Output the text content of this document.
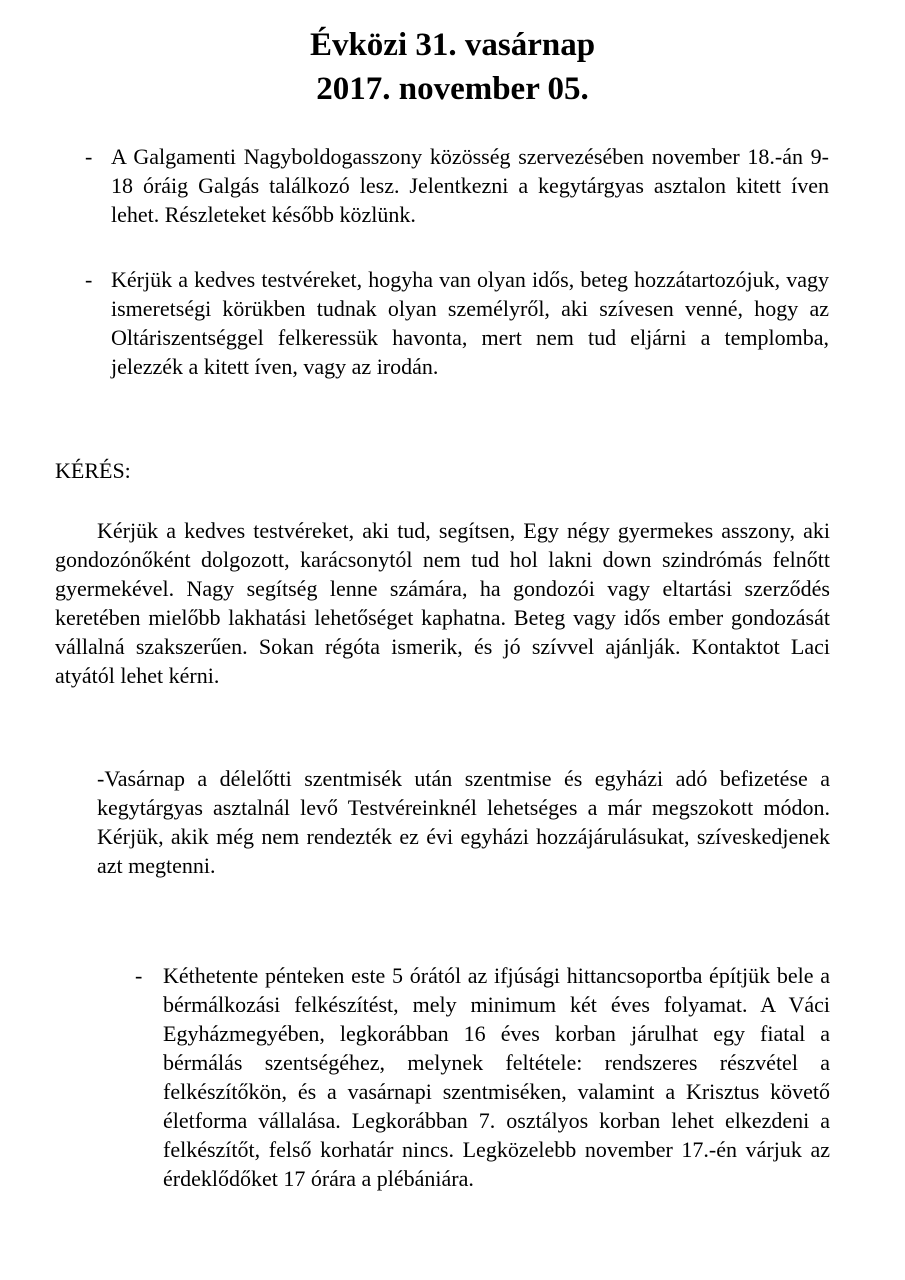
Évközi 31. vasárnap
2017. november 05.
- A Galgamenti Nagyboldogasszony közösség szervezésében november 18.-án 9-18 óráig Galgás találkozó lesz. Jelentkezni a kegytárgyas asztalon kitett íven lehet. Részleteket később közlünk.

- Kérjük a kedves testvéreket, hogyha van olyan idős, beteg hozzátartozójuk, vagy ismeretségi körükben tudnak olyan személyről, aki szívesen venné, hogy az Oltáriszentséggel felkeressük havonta, mert nem tud eljárni a templomba, jelezzék a kitett íven, vagy az irodán.

KÉRÉS:

Kérjük a kedves testvéreket, aki tud, segítsen, Egy négy gyermekes asszony, aki gondozónőként dolgozott, karácsonytól nem tud hol lakni down szindrómás felnőtt gyermekével. Nagy segítség lenne számára, ha gondozói vagy eltartási szerződés keretében mielőbb lakhatási lehetőséget kaphatna. Beteg vagy idős ember gondozását vállalná szakszerűen. Sokan régóta ismerik, és jó szívvel ajánlják. Kontaktot Laci atyától lehet kérni.

-Vasárnap a délelőtti szentmisék után szentmise és egyházi adó befizetése a kegytárgyas asztalnál levő Testvéreinknél lehetséges a már megszokott módon. Kérjük, akik még nem rendezték ez évi egyházi hozzájárulásukat, szíveskedjenek azt megtenni.

- Kéthetente pénteken este 5 órától az ifjúsági hittancsoportba építjük bele a bérmálkozási felkészítést, mely minimum két éves folyamat. A Váci Egyházmegyében, legkorábban 16 éves korban járulhat egy fiatal a bérmálás szentségéhez, melynek feltétele: rendszeres részvétel a felkészítőkön, és a vasárnapi szentmiséken, valamint a Krisztus követő életforma vállalása. Legkorábban 7. osztályos korban lehet elkezdeni a felkészítőt, felső korhatár nincs. Legközelebb november 17.-én várjuk az érdeklődőket 17 órára a plébániára.
